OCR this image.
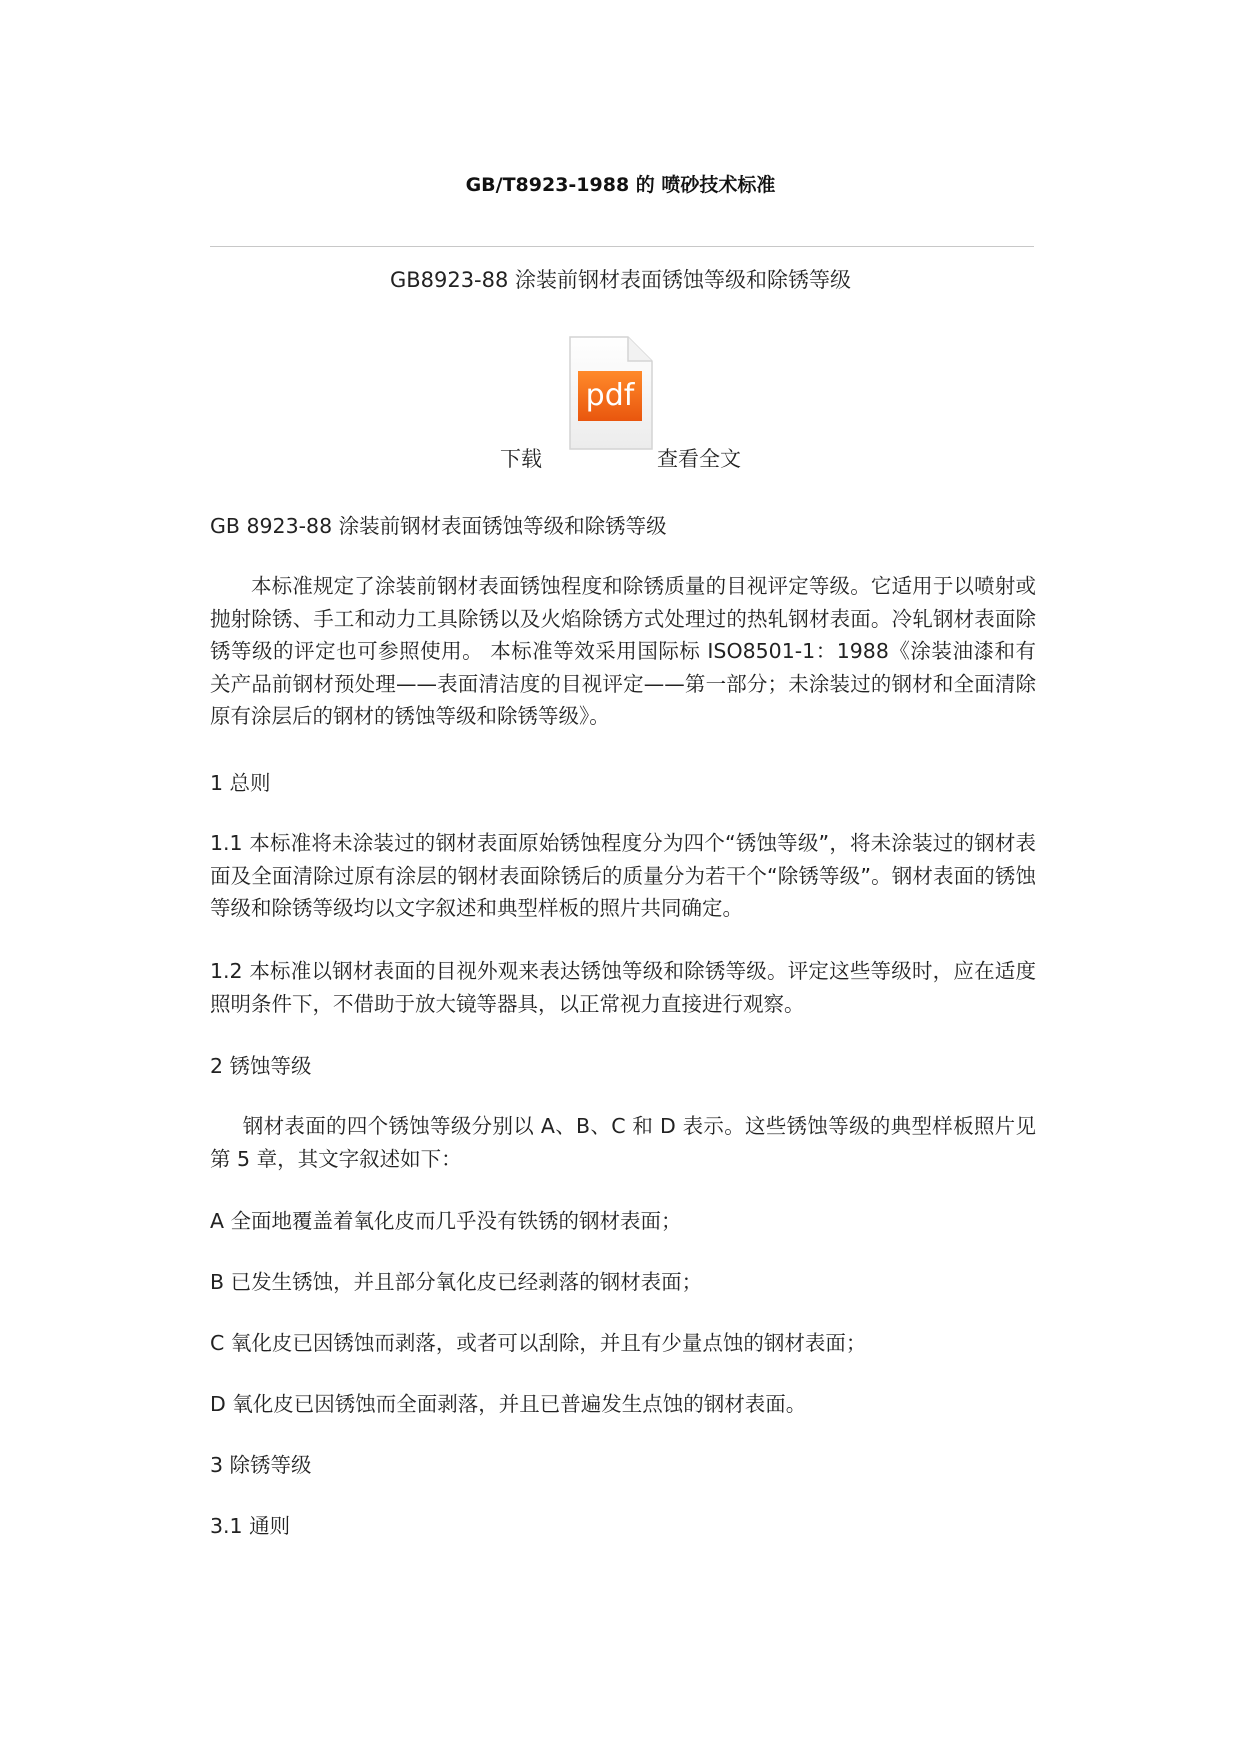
GB/T8923-1988 的 喷砂技术标准
GB8923-88 涂装前钢材表面锈蚀等级和除锈等级
下载
pdf
查看全文
GB 8923-88 涂装前钢材表面锈蚀等级和除锈等级
本标准规定了涂装前钢材表面锈蚀程度和除锈质量的目视评定等级。它适用于以喷射或抛射除锈、手工和动力工具除锈以及火焰除锈方式处理过的热轧钢材表面。冷轧钢材表面除锈等级的评定也可参照使用。 本标准等效采用国际标 ISO8501-1：1988《涂装油漆和有关产品前钢材预处理——表面清洁度的目视评定——第一部分；未涂装过的钢材和全面清除原有涂层后的钢材的锈蚀等级和除锈等级》。
1 总则
1.1 本标准将未涂装过的钢材表面原始锈蚀程度分为四个“锈蚀等级”，将未涂装过的钢材表面及全面清除过原有涂层的钢材表面除锈后的质量分为若干个“除锈等级”。钢材表面的锈蚀等级和除锈等级均以文字叙述和典型样板的照片共同确定。
1.2 本标准以钢材表面的目视外观来表达锈蚀等级和除锈等级。评定这些等级时，应在适度照明条件下，不借助于放大镜等器具，以正常视力直接进行观察。
2 锈蚀等级
钢材表面的四个锈蚀等级分别以 A、B、C 和 D 表示。这些锈蚀等级的典型样板照片见第 5 章，其文字叙述如下：
A 全面地覆盖着氧化皮而几乎没有铁锈的钢材表面；
B 已发生锈蚀，并且部分氧化皮已经剥落的钢材表面；
C 氧化皮已因锈蚀而剥落，或者可以刮除，并且有少量点蚀的钢材表面；
D 氧化皮已因锈蚀而全面剥落，并且已普遍发生点蚀的钢材表面。
3 除锈等级
3.1 通则
